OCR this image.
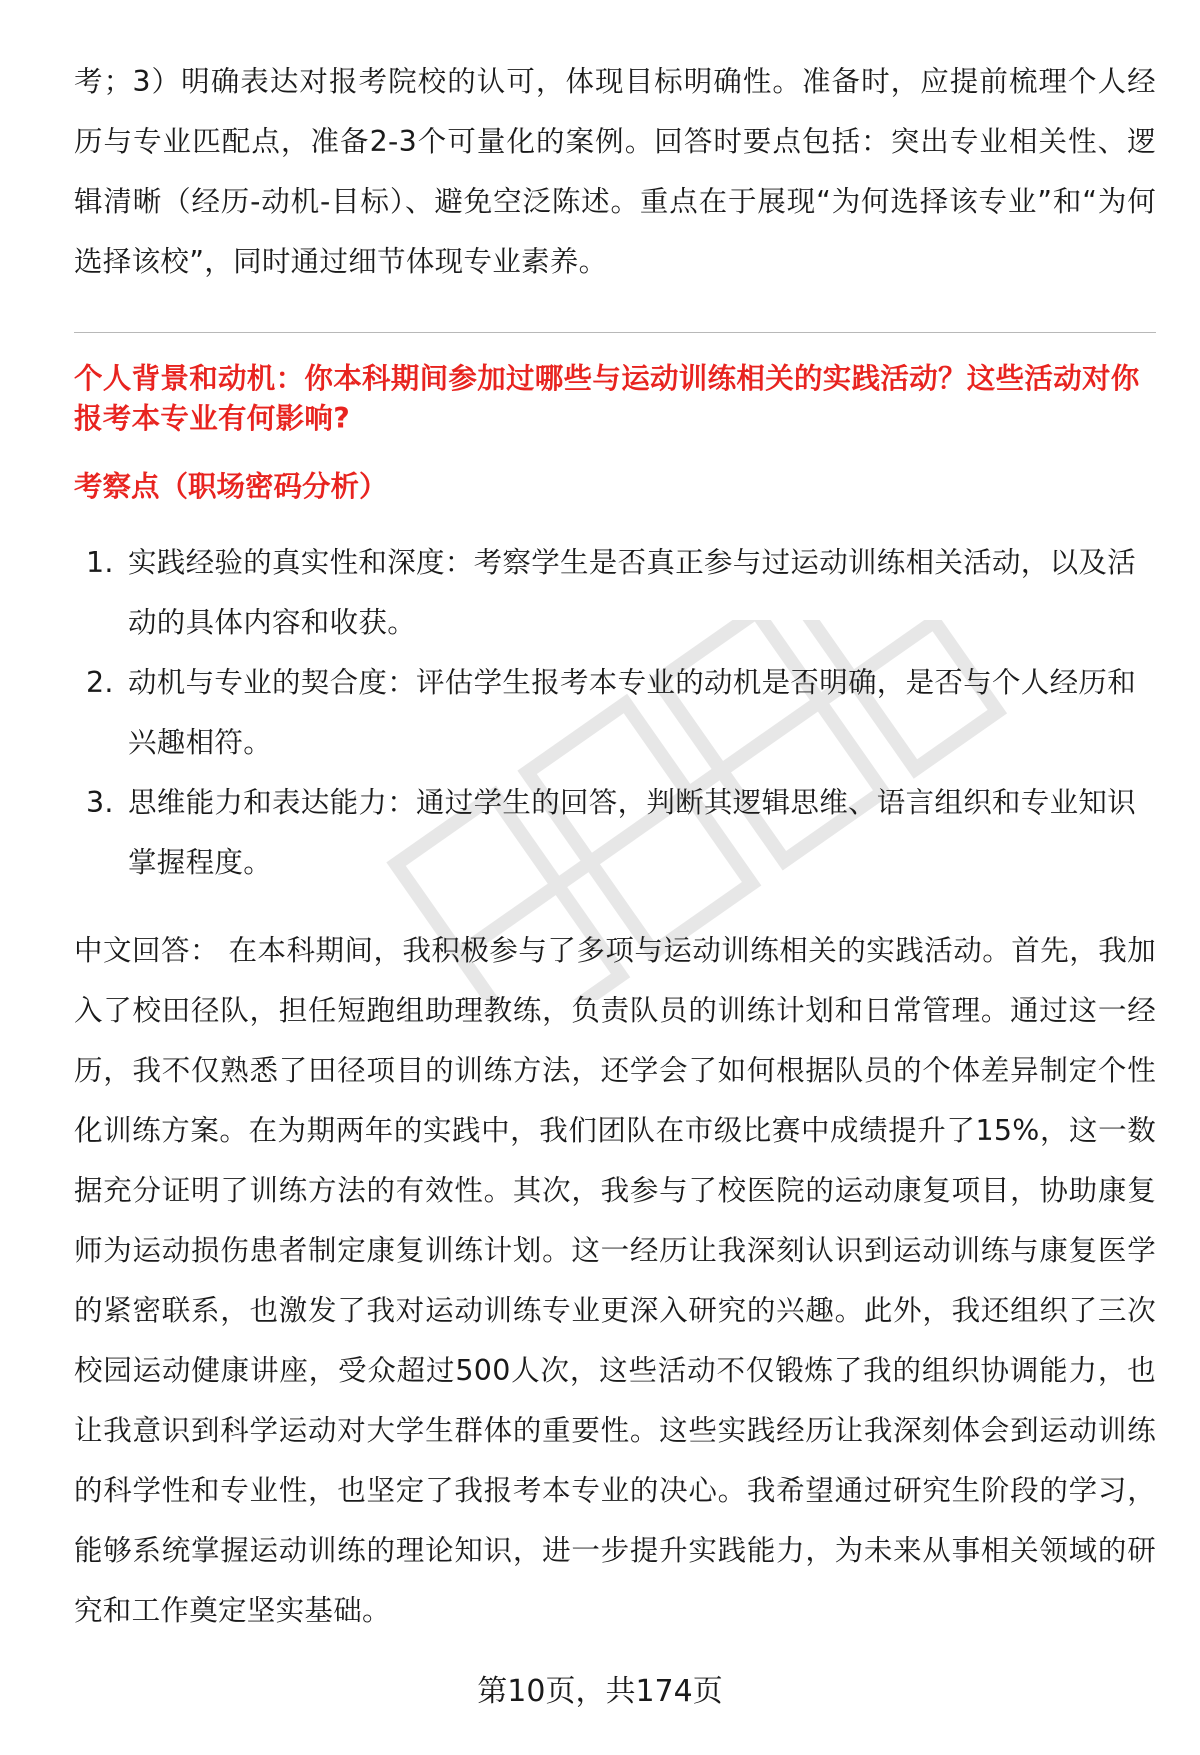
考；3）明确表达对报考院校的认可，体现目标明确性。准备时，应提前梳理个人经历与专业匹配点，准备2-3个可量化的案例。回答时要点包括：突出专业相关性、逻辑清晰（经历-动机-目标）、避免空泛陈述。重点在于展现“为何选择该专业”和“为何选择该校”，同时通过细节体现专业素养。

个人背景和动机：你本科期间参加过哪些与运动训练相关的实践活动？这些活动对你报考本专业有何影响?

考察点（职场密码分析）

1. 实践经验的真实性和深度：考察学生是否真正参与过运动训练相关活动，以及活动的具体内容和收获。
2. 动机与专业的契合度：评估学生报考本专业的动机是否明确，是否与个人经历和兴趣相符。
3. 思维能力和表达能力：通过学生的回答，判断其逻辑思维、语言组织和专业知识掌握程度。

中文回答： 在本科期间，我积极参与了多项与运动训练相关的实践活动。首先，我加入了校田径队，担任短跑组助理教练，负责队员的训练计划和日常管理。通过这一经历，我不仅熟悉了田径项目的训练方法，还学会了如何根据队员的个体差异制定个性化训练方案。在为期两年的实践中，我们团队在市级比赛中成绩提升了15%，这一数据充分证明了训练方法的有效性。其次，我参与了校医院的运动康复项目，协助康复师为运动损伤患者制定康复训练计划。这一经历让我深刻认识到运动训练与康复医学的紧密联系，也激发了我对运动训练专业更深入研究的兴趣。此外，我还组织了三次校园运动健康讲座，受众超过500人次，这些活动不仅锻炼了我的组织协调能力，也让我意识到科学运动对大学生群体的重要性。这些实践经历让我深刻体会到运动训练的科学性和专业性，也坚定了我报考本专业的决心。我希望通过研究生阶段的学习，能够系统掌握运动训练的理论知识，进一步提升实践能力，为未来从事相关领域的研究和工作奠定坚实基础。

第10页，共174页
